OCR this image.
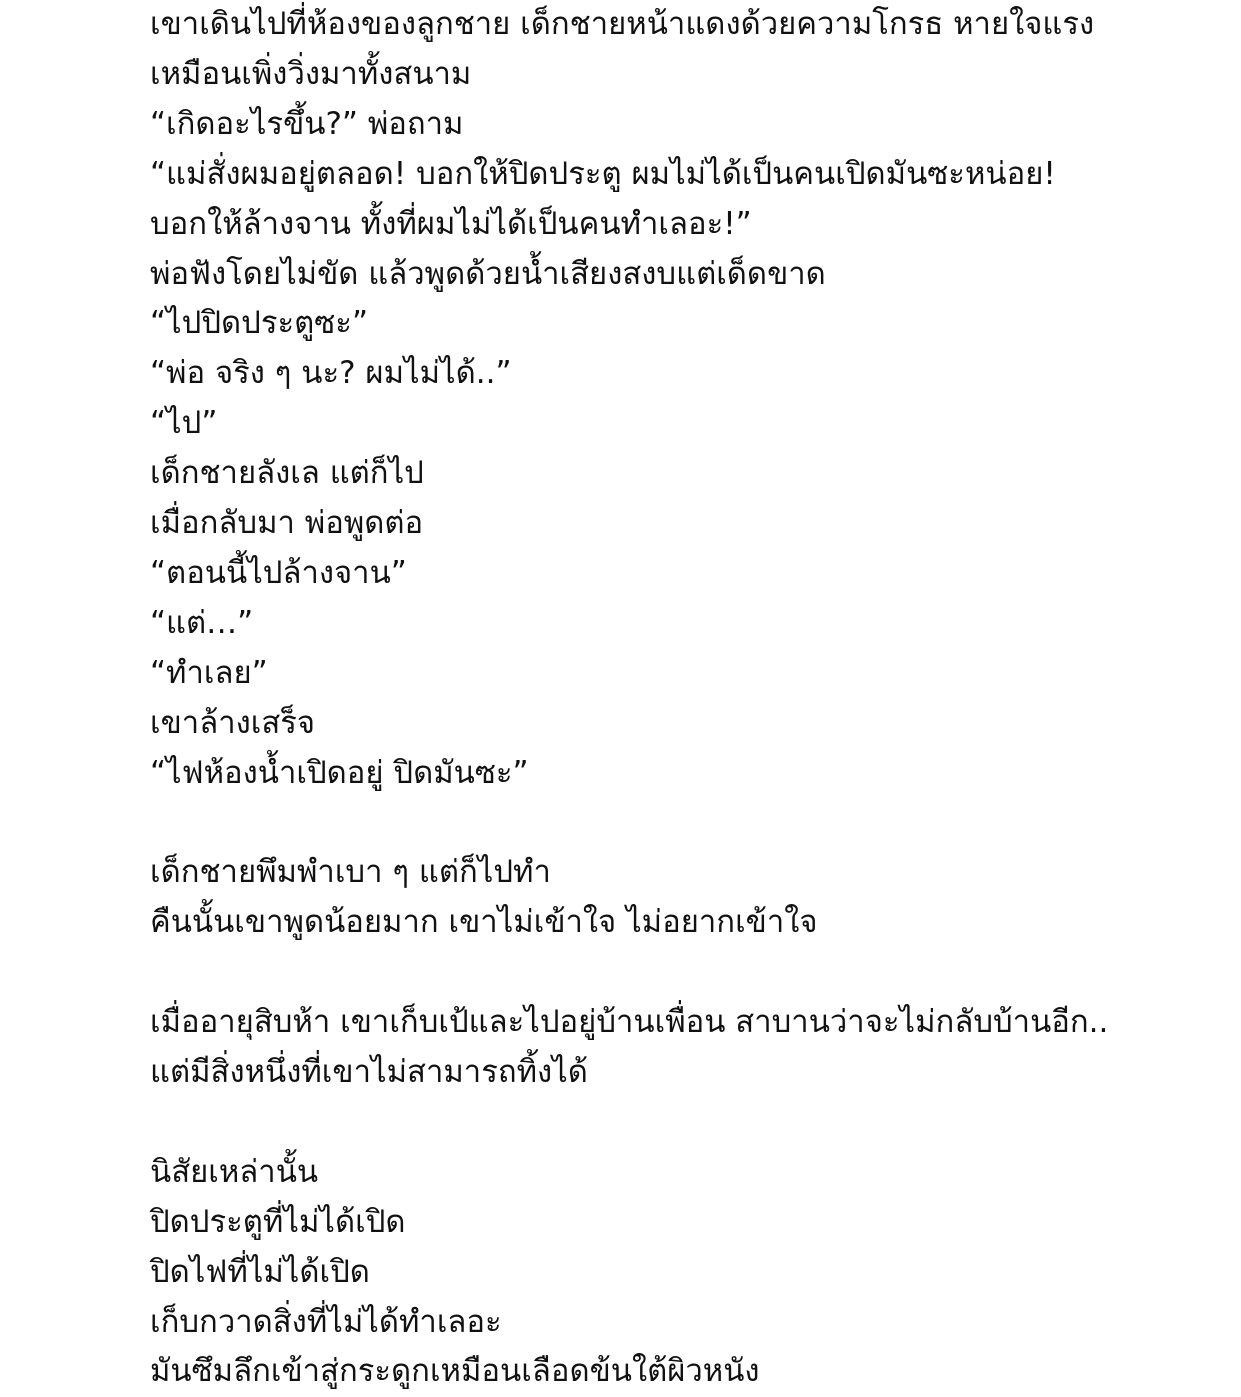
เขาเดินไปที่ห้องของลูกชาย เด็กชายหน้าแดงด้วยความโกรธ หายใจแรง
เหมือนเพิ่งวิ่งมาทั้งสนาม
“เกิดอะไรขึ้น?” พ่อถาม
“แม่สั่งผมอยู่ตลอด! บอกให้ปิดประตู ผมไม่ได้เป็นคนเปิดมันซะหน่อย!
บอกให้ล้างจาน ทั้งที่ผมไม่ได้เป็นคนทำเลอะ!”
พ่อฟังโดยไม่ขัด แล้วพูดด้วยน้ำเสียงสงบแต่เด็ดขาด
“ไปปิดประตูซะ”
“พ่อ จริง ๆ นะ? ผมไม่ได้..”
“ไป”
เด็กชายลังเล แต่ก็ไป
เมื่อกลับมา พ่อพูดต่อ
“ตอนนี้ไปล้างจาน”
“แต่…”
“ทำเลย”
เขาล้างเสร็จ
“ไฟห้องน้ำเปิดอยู่ ปิดมันซะ”
เด็กชายพึมพำเบา ๆ แต่ก็ไปทำ
คืนนั้นเขาพูดน้อยมาก เขาไม่เข้าใจ ไม่อยากเข้าใจ
เมื่ออายุสิบห้า เขาเก็บเป้และไปอยู่บ้านเพื่อน สาบานว่าจะไม่กลับบ้านอีก..
แต่มีสิ่งหนึ่งที่เขาไม่สามารถทิ้งได้
นิสัยเหล่านั้น
ปิดประตูที่ไม่ได้เปิด
ปิดไฟที่ไม่ได้เปิด
เก็บกวาดสิ่งที่ไม่ได้ทำเลอะ
มันซึมลึกเข้าสู่กระดูกเหมือนเลือดข้นใต้ผิวหนัง
